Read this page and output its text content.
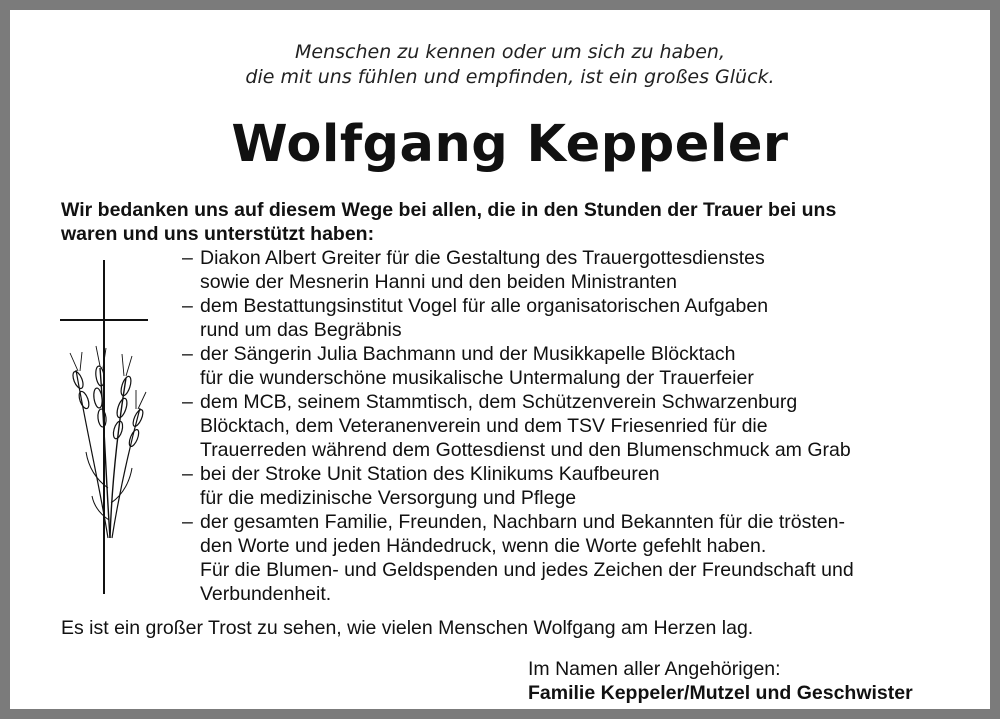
Menschen zu kennen oder um sich zu haben,
die mit uns fühlen und empfinden, ist ein großes Glück.
Wolfgang Keppeler
Wir bedanken uns auf diesem Wege bei allen, die in den Stunden der Trauer bei uns
waren und uns unterstützt haben:
– Diakon Albert Greiter für die Gestaltung des Trauergottesdienstes
sowie der Mesnerin Hanni und den beiden Ministranten
– dem Bestattungsinstitut Vogel für alle organisatorischen Aufgaben
rund um das Begräbnis
– der Sängerin Julia Bachmann und der Musikkapelle Blöcktach
für die wunderschöne musikalische Untermalung der Trauerfeier
– dem MCB, seinem Stammtisch, dem Schützenverein Schwarzenburg
Blöcktach, dem Veteranenverein und dem TSV Friesenried für die
Trauerreden während dem Gottesdienst und den Blumenschmuck am Grab
– bei der Stroke Unit Station des Klinikums Kaufbeuren
für die medizinische Versorgung und Pflege
– der gesamten Familie, Freunden, Nachbarn und Bekannten für die trösten-
den Worte und jeden Händedruck, wenn die Worte gefehlt haben.
Für die Blumen- und Geldspenden und jedes Zeichen der Freundschaft und
Verbundenheit.
Es ist ein großer Trost zu sehen, wie vielen Menschen Wolfgang am Herzen lag.
Im Namen aller Angehörigen:
Familie Keppeler/Mutzel und Geschwister
